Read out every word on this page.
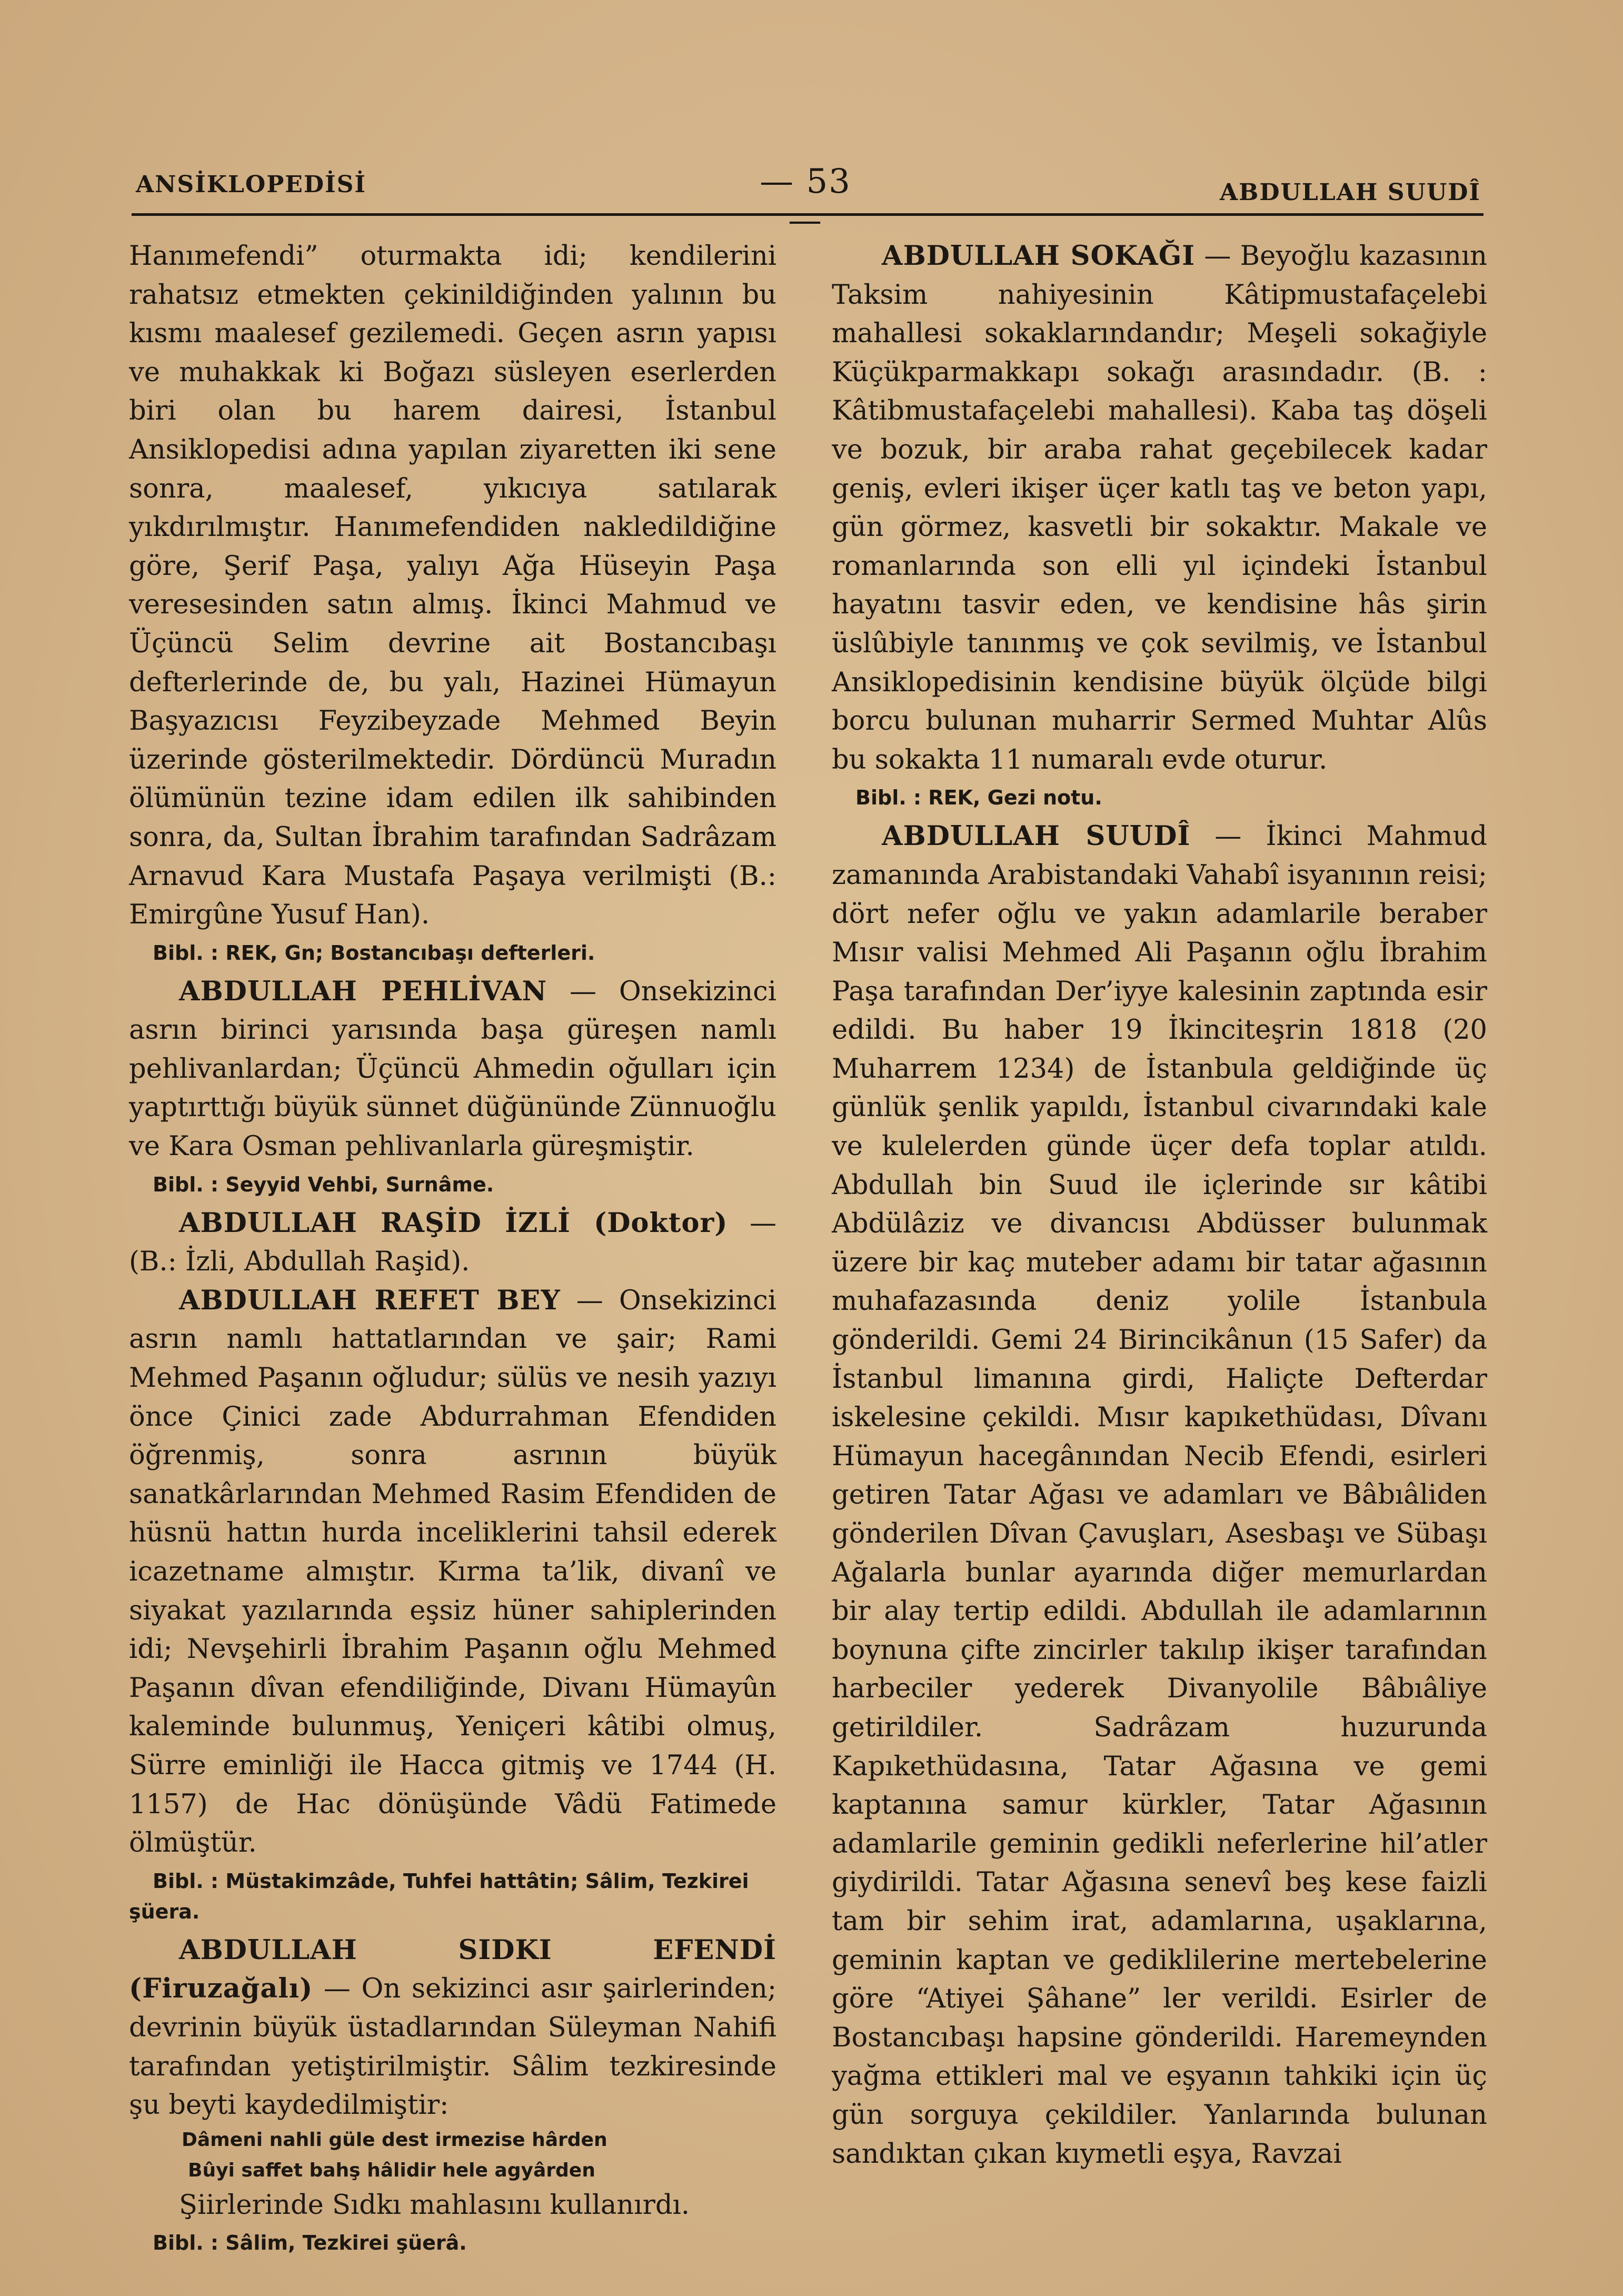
ANSİKLOPEDİSİ	— 53 —
ABDULLAH SUUDÎ

Hanımefendi” oturmakta idi; kendilerini rahatsız etmekten çekinildiğinden yalının bu kısmı maalesef gezilemedi. Geçen asrın yapısı ve muhakkak ki Boğazı süsleyen eserlerden biri olan bu harem dairesi, İstanbul Ansiklopedisi adına yapılan ziyaretten iki sene sonra, maalesef, yıkıcıya satılarak yıkdırılmıştır. Hanımefendiden nakledildiğine göre, Şerif Paşa, yalıyı Ağa Hüseyin Paşa veresesinden satın almış. İkinci Mahmud ve Üçüncü Selim devrine ait Bostancıbaşı defterlerinde de, bu yalı, Hazinei Hümayun Başyazıcısı Feyzibeyzade Mehmed Beyin üzerinde gösterilmektedir. Dördüncü Muradın ölümünün tezine idam edilen ilk sahibinden sonra, da, Sultan İbrahim tarafından Sadrâzam Arnavud Kara Mustafa Paşaya verilmişti (B.: Emirgûne Yusuf Han).

Bibl. : REK, Gn; Bostancıbaşı defterleri.

ABDULLAH PEHLİVAN — Onsekizinci asrın birinci yarısında başa güreşen namlı pehlivanlardan; Üçüncü Ahmedin oğulları için yaptırttığı büyük sünnet düğününde Zünnuoğlu ve Kara Osman pehlivanlarla güreşmiştir.

Bibl. : Seyyid Vehbi, Surnâme.

ABDULLAH RAŞİD İZLİ (Doktor) — (B.: İzli, Abdullah Raşid).

ABDULLAH REFET BEY — Onsekizinci asrın namlı hattatlarından ve şair; Rami Mehmed Paşanın oğludur; sülüs ve nesih yazıyı önce Çinici zade Abdurrahman Efendiden öğrenmiş, sonra asrının büyük sanatkârlarından Mehmed Rasim Efendiden de hüsnü hattın hurda inceliklerini tahsil ederek icazetname almıştır. Kırma ta’lik, divanî ve siyakat yazılarında eşsiz hüner sahiplerinden idi; Nevşehirli İbrahim Paşanın oğlu Mehmed Paşanın dîvan efendiliğinde, Divanı Hümayûn kalemindе bulunmuş, Yeniçeri kâtibi olmuş, Sürre eminliği ile Hacca gitmiş ve 1744 (H. 1157) de Hac dönüşünde Vâdü Fatimede ölmüştür.

Bibl. : Müstakimzâde, Tuhfei hattâtin; Sâlim, Tezkirei şüera.

ABDULLAH SIDKI EFENDİ (Firuzağalı) — On sekizinci asır şairlerinden; devrinin büyük üstadlarından Süleyman Nahifi tarafından yetiştirilmiştir. Sâlim tezkiresinde şu beyti kaydedilmiştir:

Dâmeni nahli güle dest irmezise hârden

Bûyi saffet bahş hâlidir hele agyârden

Şiirlerinde Sıdkı mahlasını kullanırdı.

Bibl. : Sâlim, Tezkirei şüerâ.

ABDULLAH SOKAĞI — Beyoğlu kazasının Taksim nahiyesinin Kâtipmustafaçelebi mahallesi sokaklarındandır; Meşeli sokağiyle Küçükparmakkapı sokağı arasındadır. (B. : Kâtibmustafaçelebi mahallesi). Kaba taş döşeli ve bozuk, bir araba rahat geçebilecek kadar geniş, evleri ikişer üçer katlı taş ve beton yapı, gün görmez, kasvetli bir sokaktır. Makale ve romanlarında son elli yıl içindeki İstanbul hayatını tasvir eden, ve kendisine hâs şirin üslûbiyle tanınmış ve çok sevilmiş, ve İstanbul Ansiklopedisinin kendisine büyük ölçüde bilgi borcu bulunan muharrir Sermed Muhtar Alûs bu sokakta 11 numaralı evde oturur.

Bibl. : REK, Gezi notu.

ABDULLAH SUUDÎ — İkinci Mahmud zamanında Arabistandaki Vahabî isyanının reisi; dört nefer oğlu ve yakın adamlarile beraber Mısır valisi Mehmed Ali Paşanın oğlu İbrahim Paşa tarafından Der’iyye kalesinin zaptında esir edildi. Bu haber 19 İkinciteşrin 1818 (20 Muharrem 1234) de İstanbula geldiğinde üç günlük şenlik yapıldı, İstanbul civarındaki kale ve kulelerden günde üçer defa toplar atıldı. Abdullah bin Suud ile içlerinde sır kâtibi Abdülâziz ve divancısı Abdüsser bulunmak üzere bir kaç muteber adamı bir tatar ağasının muhafazasında deniz yolile İstanbula gönderildi. Gemi 24 Birincikânun (15 Safer) da İstanbul limanına girdi, Haliçte Defterdar iskelesine çekildi. Mısır kapıkethüdası, Dîvanı Hümayun hacegânından Necib Efendi, esirleri getiren Tatar Ağası ve adamları ve Bâbıâliden gönderilen Dîvan Çavuşları, Asesbaşı ve Sübaşı Ağalarla bunlar ayarında diğer memurlardan bir alay tertip edildi. Abdullah ile adamlarının boynuna çifte zincirler takılıp ikişer tarafından harbeciler yederek Divanyolile Bâbıâliye getirildiler. Sadrâzam huzurunda Kapıkethüdasına, Tatar Ağasına ve gemi kaptanına samur kürkler, Tatar Ağasının adamlarile geminin gedikli neferlerine hil’atler giydirildi. Tatar Ağasına senevî beş kese faizli tam bir sehim irat, adamlarına, uşaklarına, geminin kaptan ve gediklilerine mertebelerine göre “Atiyei Şâhane” ler verildi. Esirler de Bostancıbaşı hapsine gönderildi. Haremeynden yağma ettikleri mal ve eşyanın tahkiki için üç gün sorguya çekildiler. Yanlarında bulunan sandıktan çıkan kıymetli eşya, Ravzai
